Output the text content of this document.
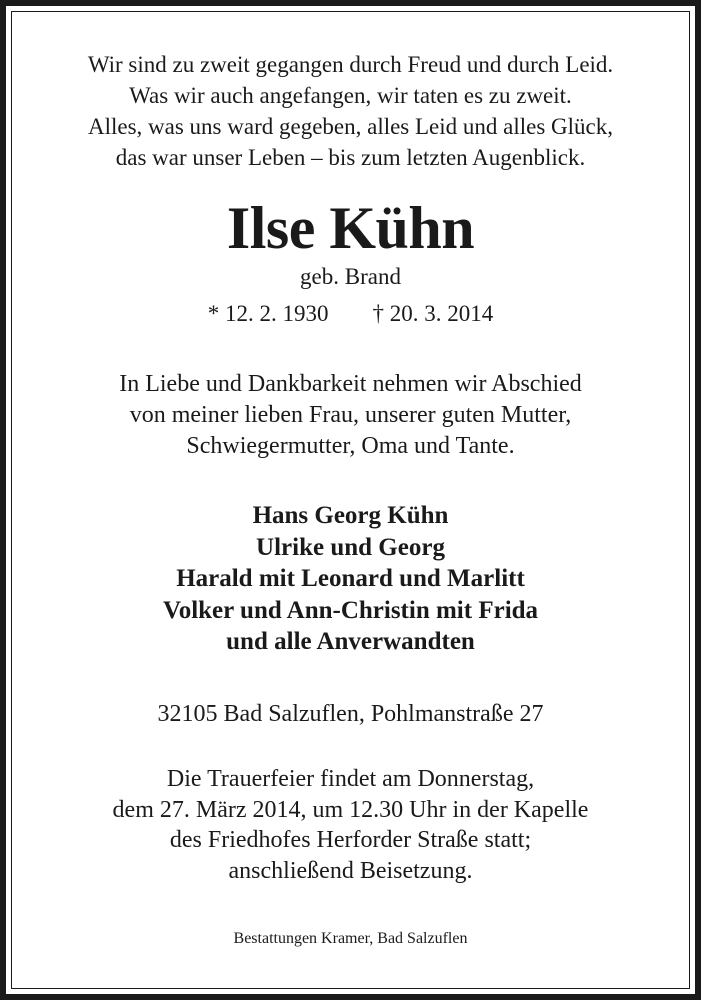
Wir sind zu zweit gegangen durch Freud und durch Leid.
Was wir auch angefangen, wir taten es zu zweit.
Alles, was uns ward gegeben, alles Leid und alles Glück,
das war unser Leben – bis zum letzten Augenblick.
Ilse Kühn
geb. Brand
* 12. 2. 1930 † 20. 3. 2014
In Liebe und Dankbarkeit nehmen wir Abschied
von meiner lieben Frau, unserer guten Mutter,
Schwiegermutter, Oma und Tante.
Hans Georg Kühn
Ulrike und Georg
Harald mit Leonard und Marlitt
Volker und Ann-Christin mit Frida
und alle Anverwandten
32105 Bad Salzuflen, Pohlmanstraße 27
Die Trauerfeier findet am Donnerstag,
dem 27. März 2014, um 12.30 Uhr in der Kapelle
des Friedhofes Herforder Straße statt;
anschließend Beisetzung.
Bestattungen Kramer, Bad Salzuflen
